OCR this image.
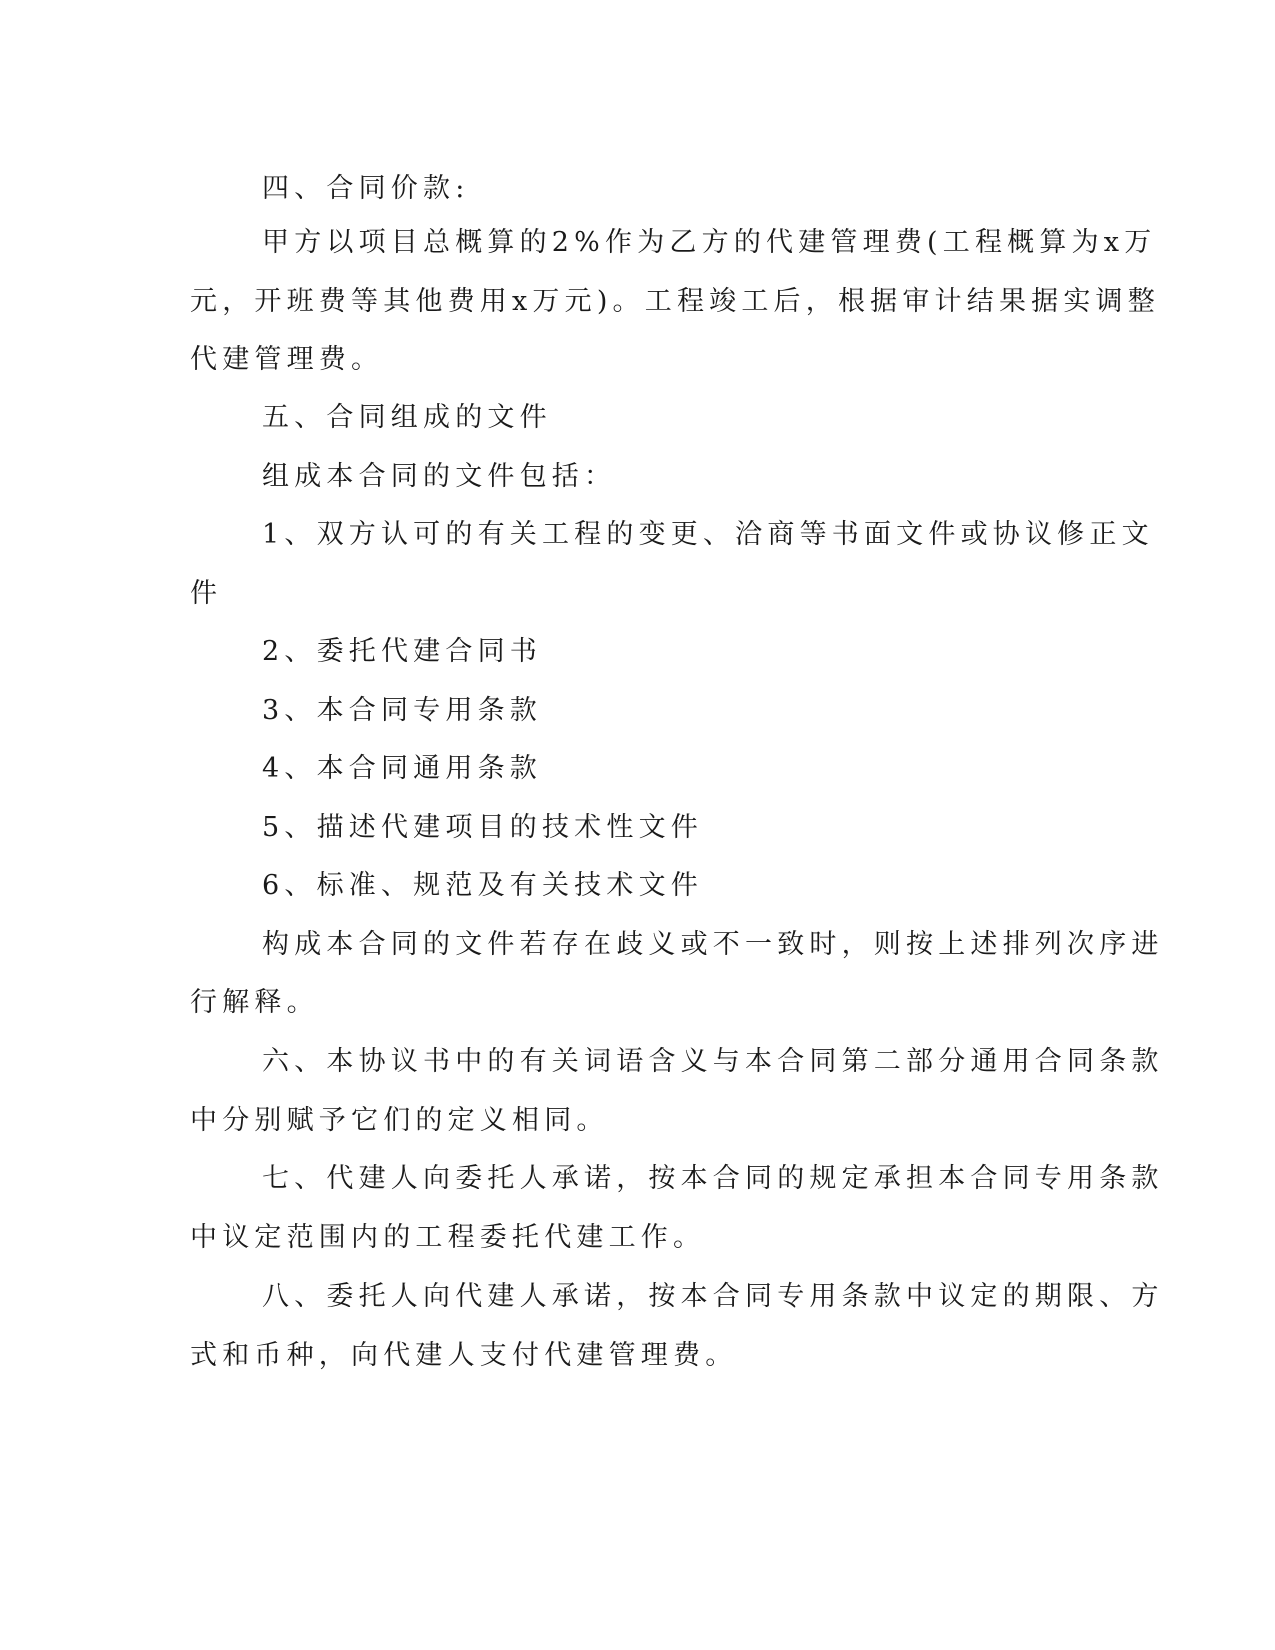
四、合同价款:
甲方以项目总概算的2%作为乙方的代建管理费(工程概算为x万
元，开班费等其他费用x万元)。工程竣工后，根据审计结果据实调整
代建管理费。
五、合同组成的文件
组成本合同的文件包括：
1、双方认可的有关工程的变更、洽商等书面文件或协议修正文
件
2、委托代建合同书
3、本合同专用条款
4、本合同通用条款
5、描述代建项目的技术性文件
6、标准、规范及有关技术文件
构成本合同的文件若存在歧义或不一致时，则按上述排列次序进
行解释。
六、本协议书中的有关词语含义与本合同第二部分通用合同条款
中分别赋予它们的定义相同。
七、代建人向委托人承诺，按本合同的规定承担本合同专用条款
中议定范围内的工程委托代建工作。
八、委托人向代建人承诺，按本合同专用条款中议定的期限、方
式和币种，向代建人支付代建管理费。
